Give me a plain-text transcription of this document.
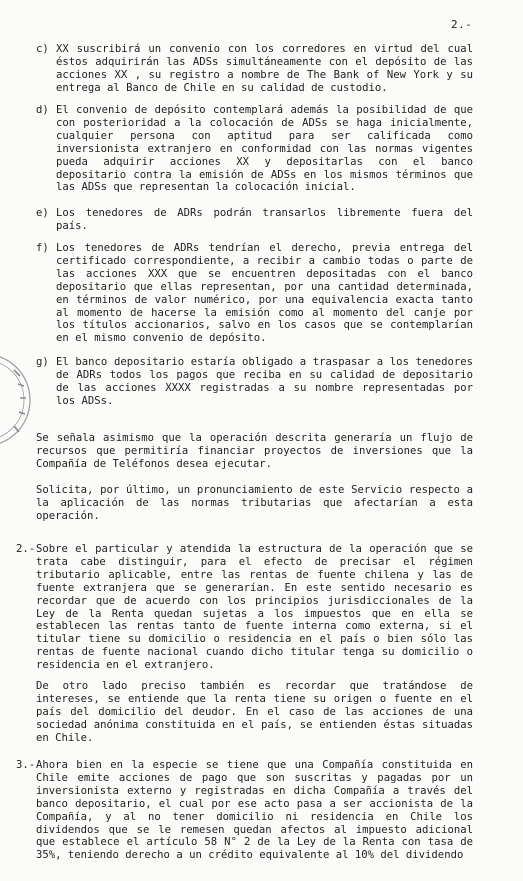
2.-
c) XX suscribirá un convenio con los corredores en virtud del cual éstos adquirirán las ADSs simultáneamente con el depósito de las acciones XX , su registro a nombre de The Bank of New York y su entrega al Banco de Chile en su calidad de custodio.
d) El convenio de depósito contemplará además la posibilidad de que con posterioridad a la colocación de ADSs se haga inicialmente, cualquier persona con aptitud para ser calificada como inversionista extranjero en conformidad con las normas vigentes pueda adquirir acciones XX y depositarlas con el banco depositario contra la emisión de ADSs en los mismos términos que las ADSs que representan la colocación inicial.
e) Los tenedores de ADRs podrán transarlos libremente fuera del país.
f) Los tenedores de ADRs tendrían el derecho, previa entrega del certificado correspondiente, a recibir a cambio todas o parte de las acciones XXX que se encuentren depositadas con el banco depositario que ellas representan, por una cantidad determinada, en términos de valor numérico, por una equivalencia exacta tanto al momento de hacerse la emisión como al momento del canje por los títulos accionarios, salvo en los casos que se contemplarían en el mismo convenio de depósito.
g) El banco depositario estaría obligado a traspasar a los tenedores de ADRs todos los pagos que reciba en su calidad de depositario de las acciones XXXX registradas a su nombre representadas por los ADSs.
Se señala asimismo que la operación descrita generaría un flujo de recursos que permitiría financiar proyectos de inversiones que la Compañía de Teléfonos desea ejecutar.
Solicita, por último, un pronunciamiento de este Servicio respecto a la aplicación de las normas tributarias que afectarían a esta operación.
2.- Sobre el particular y atendida la estructura de la operación que se trata cabe distinguir, para el efecto de precisar el régimen tributario aplicable, entre las rentas de fuente chilena y las de fuente extranjera que se generarían. En este sentido necesario es recordar que de acuerdo con los principios jurisdiccionales de la Ley de la Renta quedan sujetas a los impuestos que en ella se establecen las rentas tanto de fuente interna como externa, si el titular tiene su domicilio o residencia en el país o bien sólo las rentas de fuente nacional cuando dicho titular tenga su domicilio o residencia en el extranjero.
De otro lado preciso también es recordar que tratándose de intereses, se entiende que la renta tiene su origen o fuente en el país del domicilio del deudor. En el caso de las acciones de una sociedad anónima constituida en el país, se entienden éstas situadas en Chile.
3.- Ahora bien en la especie se tiene que una Compañía constituida en Chile emite acciones de pago que son suscritas y pagadas por un inversionista externo y registradas en dicha Compañía a través del banco depositario, el cual por ese acto pasa a ser accionista de la Compañía, y al no tener domicilio ni residencia en Chile los dividendos que se le remesen quedan afectos al impuesto adicional que establece el artículo 58 N° 2 de la Ley de la Renta con tasa de 35%, teniendo derecho a un crédito equivalente al 10% del dividendo
